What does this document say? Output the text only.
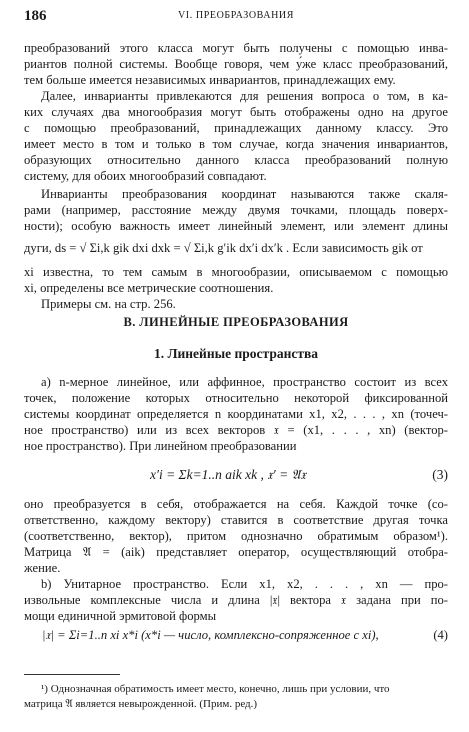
186	VI. ПРЕОБРАЗОВАНИЯ
преобразований этого класса могут быть получены с помощью инва-
риантов полной системы. Вообще говоря, чем у́же класс преобразований,
тем больше имеется независимых инвариантов, принадлежащих ему.
Далее, инварианты привлекаются для решения вопроса о том, в ка-
ких случаях два многообразия могут быть отображены одно на другое
с помощью преобразований, принадлежащих данному классу. Это
имеет место в том и только в том случае, когда значения инвариантов,
образующих относительно данного класса преобразований полную
систему, для обоих многообразий совпадают.
Инварианты преобразования координат называются также скаля-
рами (например, расстояние между двумя точками, площадь поверх-
ности); особую важность имеет линейный элемент, или элемент длины
дуги, ds = √ Σi,k gik dxi dxk = √ Σi,k g′ik dx′i dx′k . Если зависимость gik от
xi известна, то тем самым в многообразии, описываемом с помощью
xi, определены все метрические соотношения.
Примеры см. на стр. 256.
B. ЛИНЕЙНЫЕ ПРЕОБРАЗОВАНИЯ
1. Линейные пространства
a) n-мерное линейное, или аффинное, пространство состоит из всех
точек, положение которых относительно некоторой фиксированной
системы координат определяется n координатами x1, x2, . . . , xn (точеч-
ное пространство) или из всех векторов 𝔵 = (x1, . . . , xn) (вектор-
ное пространство). При линейном преобразовании
x′i = Σk=1..n aik xk , 𝔵′ = 𝔄𝔵	(3)
оно преобразуется в себя, отображается на себя. Каждой точке (со-
ответственно, каждому вектору) ставится в соответствие другая точка
(соответственно, вектор), притом однозначно обратимым образом¹).
Матрица 𝔄 = (aik) представляет оператор, осуществляющий отобра-
жение.
b) Унитарное пространство. Если x1, x2, . . . , xn — про-
извольные комплексные числа и длина |𝔵| вектора 𝔵 задана при по-
мощи единичной эрмитовой формы
|𝔵| = Σi=1..n xi x*i (x*i — число, комплексно-сопряженное с xi),	(4)
¹) Однозначная обратимость имеет место, конечно, лишь при условии, что
матрица 𝔄 является невырожденной. (Прим. ред.)
